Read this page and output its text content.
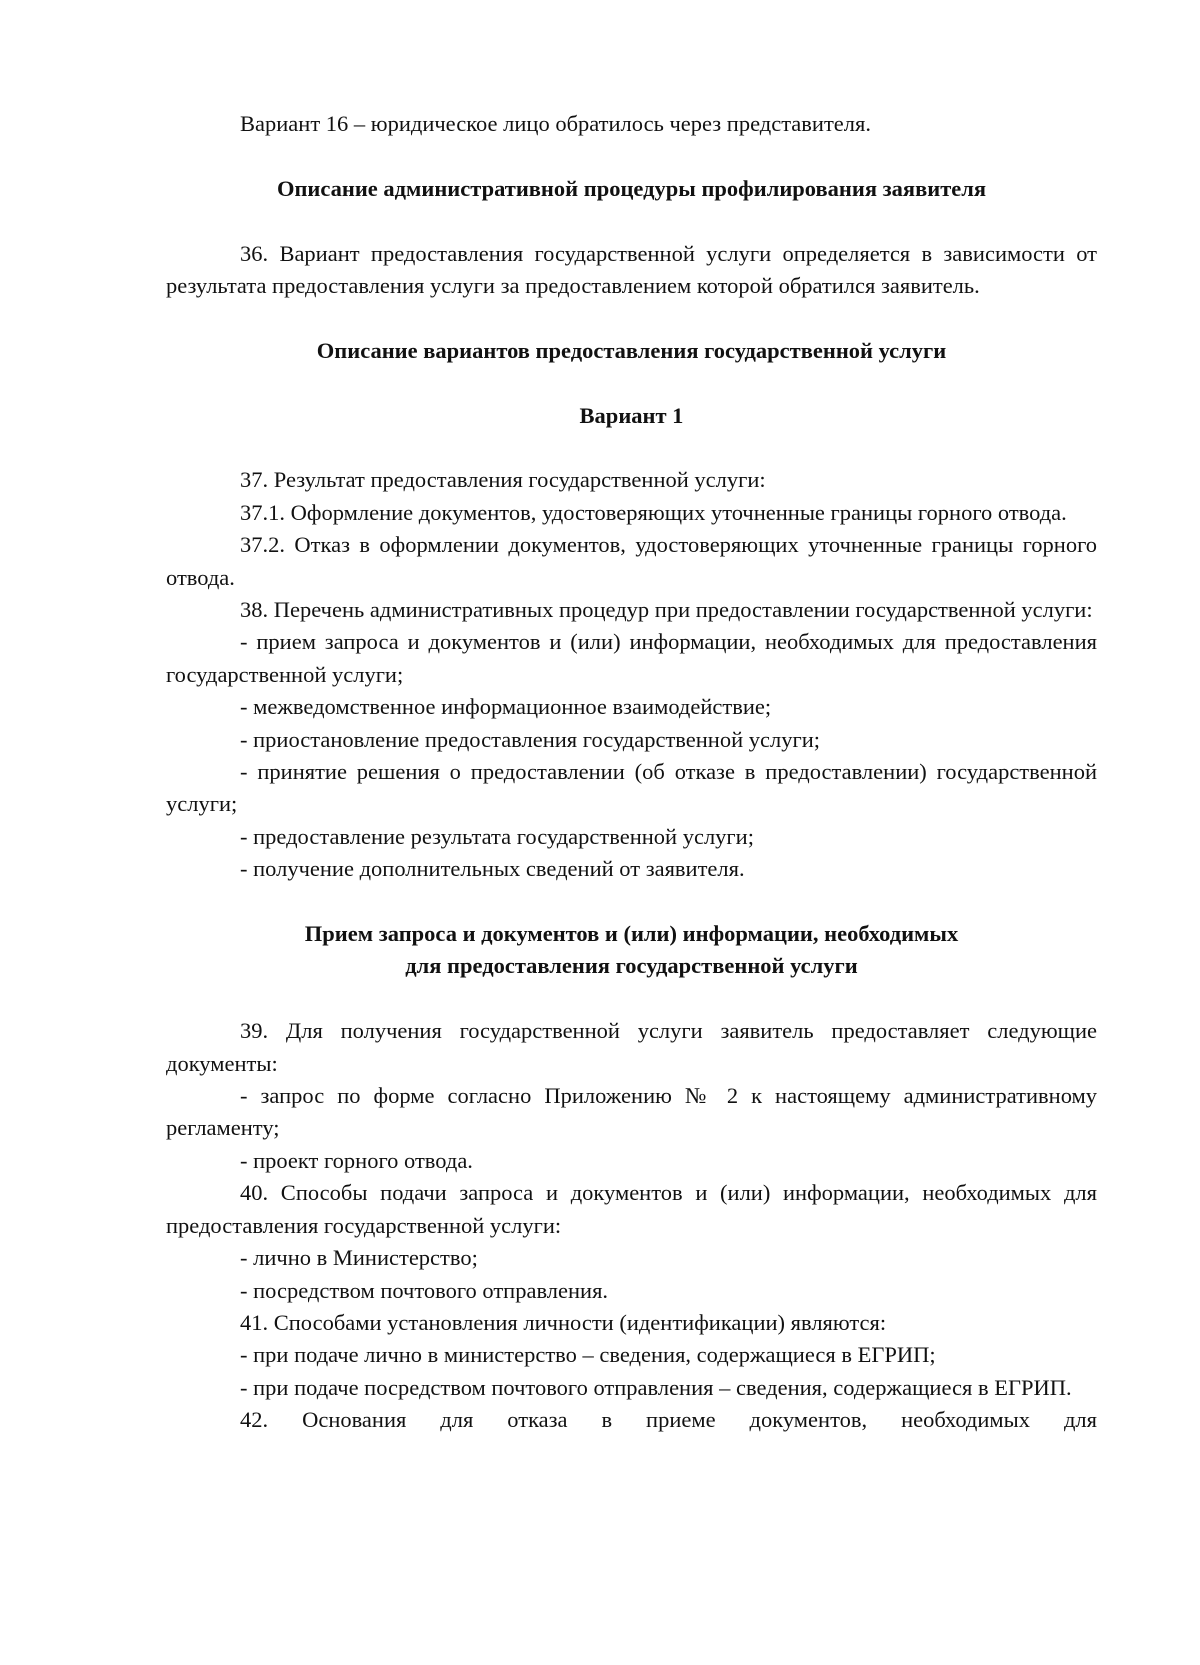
Вариант 16 – юридическое лицо обратилось через представителя.

Описание административной процедуры профилирования заявителя

36. Вариант предоставления государственной услуги определяется в зависимости от результата предоставления услуги за предоставлением которой обратился заявитель.

Описание вариантов предоставления государственной услуги
Вариант 1

37. Результат предоставления государственной услуги:

37.1. Оформление документов, удостоверяющих уточненные границы горного отвода.

37.2. Отказ в оформлении документов, удостоверяющих уточненные границы горного отвода.

38. Перечень административных процедур при предоставлении государственной услуги:

- прием запроса и документов и (или) информации, необходимых для предоставления государственной услуги;

- межведомственное информационное взаимодействие;

- приостановление предоставления государственной услуги;

- принятие решения о предоставлении (об отказе в предоставлении) государственной услуги;

- предоставление результата государственной услуги;

- получение дополнительных сведений от заявителя.

Прием запроса и документов и (или) информации, необходимых
для предоставления государственной услуги

39. Для получения государственной услуги заявитель предоставляет следующие документы:

- запрос по форме согласно Приложению № 2 к настоящему административному регламенту;

- проект горного отвода.

40. Способы подачи запроса и документов и (или) информации, необходимых для предоставления государственной услуги:

- лично в Министерство;

- посредством почтового отправления.

41. Способами установления личности (идентификации) являются:

- при подаче лично в министерство – сведения, содержащиеся в ЕГРИП;

- при подаче посредством почтового отправления – сведения, содержащиеся в ЕГРИП.

42. Основания для отказа в приеме документов, необходимых для
